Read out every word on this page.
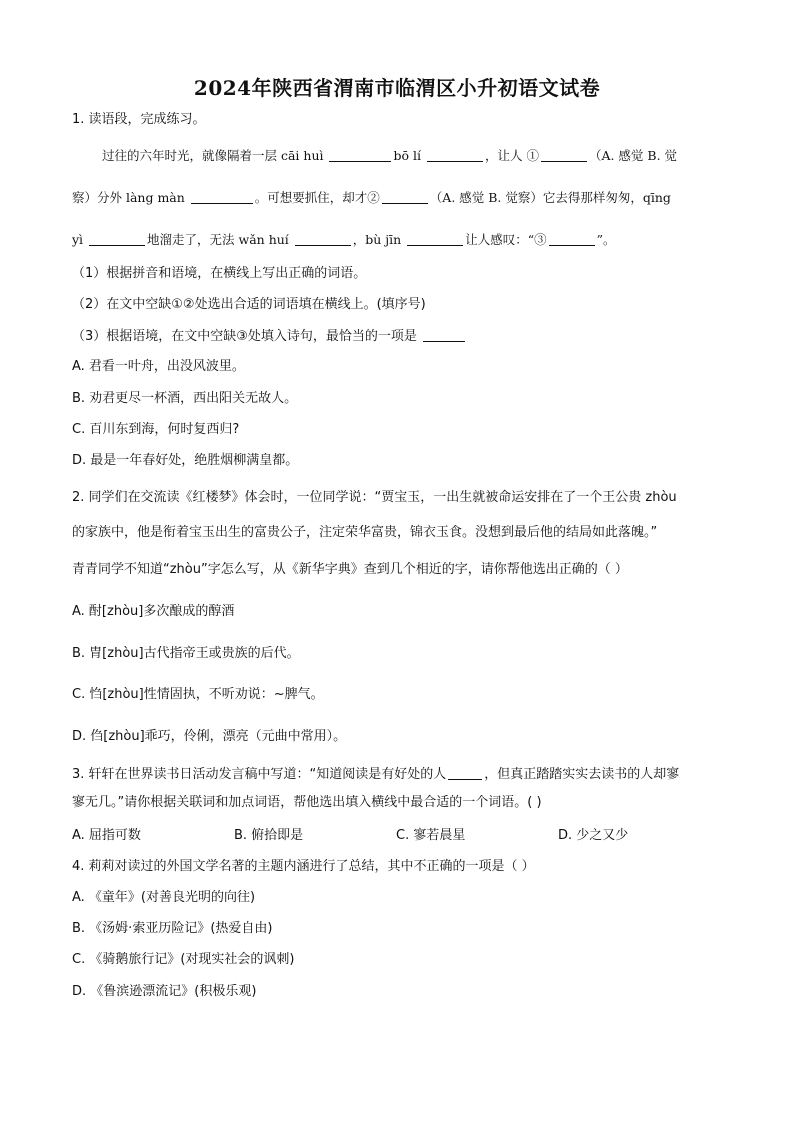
2024年陕西省渭南市临渭区小升初语文试卷
1. 读语段，完成练习。
过往的六年时光，就像隔着一层 cāi huì	bō lí	，让人 ①	（A. 感觉 B. 觉
察）分外 làng màn	。可想要抓住，却才②	（A. 感觉 B. 觉察）它去得那样匆匆，qīng
yì	地溜走了，无法 wǎn huí	，bù jīn	让人感叹：“③	”。
（1）根据拼音和语境，在横线上写出正确的词语。
（2）在文中空缺①②处选出合适的词语填在横线上。(填序号)
（3）根据语境，在文中空缺③处填入诗句，最恰当的一项是
A. 君看一叶舟，出没风波里。
B. 劝君更尽一杯酒，西出阳关无故人。
C. 百川东到海，何时复西归?
D. 最是一年春好处，绝胜烟柳满皇都。
2. 同学们在交流读《红楼梦》体会时，一位同学说：“贾宝玉，一出生就被命运安排在了一个王公贵 zhòu
的家族中，他是衔着宝玉出生的富贵公子，注定荣华富贵，锦衣玉食。没想到最后他的结局如此落魄。”
青青同学不知道“zhòu”字怎么写，从《新华字典》查到几个相近的字，请你帮他选出正确的（ ）
A. 酎[zhòu]多次酿成的醇酒
B. 胄[zhòu]古代指帝王或贵族的后代。
C. 㤘[zhòu]性情固执，不听劝说：~脾气。
D. 㑇[zhòu]乖巧，伶俐，漂亮（元曲中常用）。
3. 轩轩在世界读书日活动发言稿中写道：“知道阅读是有好处的人	，但真正踏踏实实去读书的人却寥
寥无几。”请你根据关联词和加点词语，帮他选出填入横线中最合适的一个词语。( )
A. 屈指可数	B. 俯拾即是	C. 寥若晨星	D. 少之又少
4. 莉莉对读过的外国文学名著的主题内涵进行了总结，其中不正确的一项是（ ）
A. 《童年》(对善良光明的向往)
B. 《汤姆·索亚历险记》(热爱自由)
C. 《骑鹅旅行记》(对现实社会的讽刺)
D. 《鲁滨逊漂流记》(积极乐观)
